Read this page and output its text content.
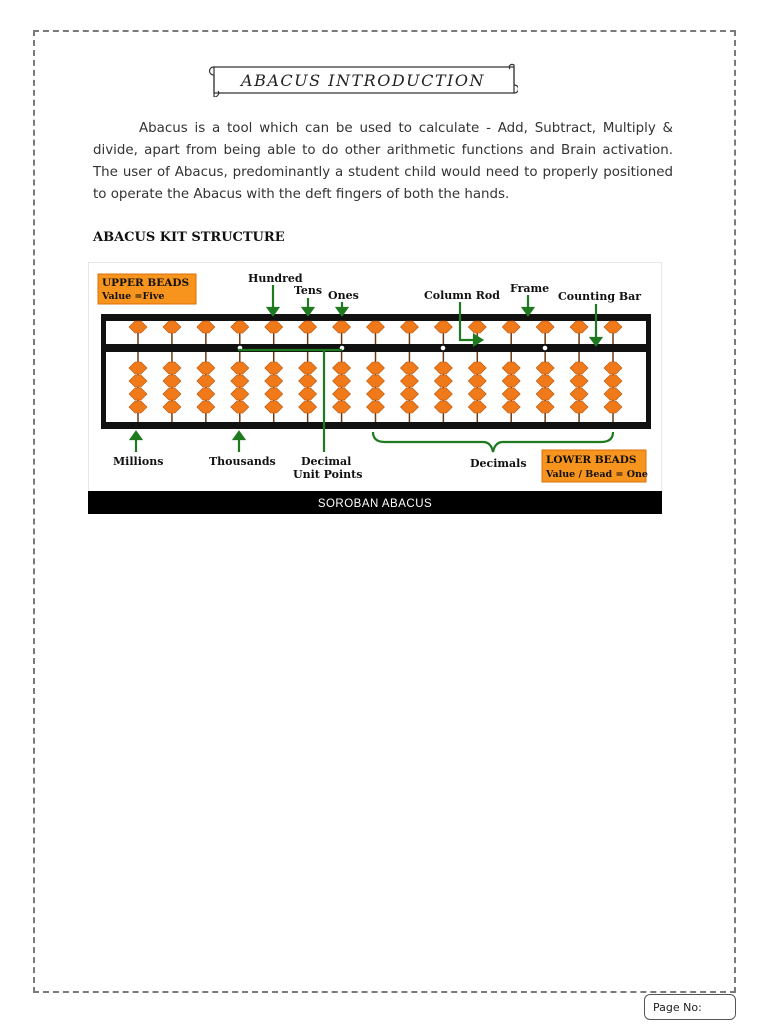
ABACUS INTRODUCTION

Abacus is a tool which can be used to calculate - Add, Subtract, Multiply & divide, apart from being able to do other arithmetic functions and Brain activation. The user of Abacus, predominantly a student child would need to properly positioned to operate the Abacus with the deft fingers of both the hands.

ABACUS KIT STRUCTURE
UPPER BEADS
Value =Five
LOWER BEADS
Value / Bead = One
Hundred
Tens Ones	Column Rod
Frame
Counting Bar
Millions	Thousands Decimal
Unit Points
Decimals
SOROBAN ABACUS
Page No:
